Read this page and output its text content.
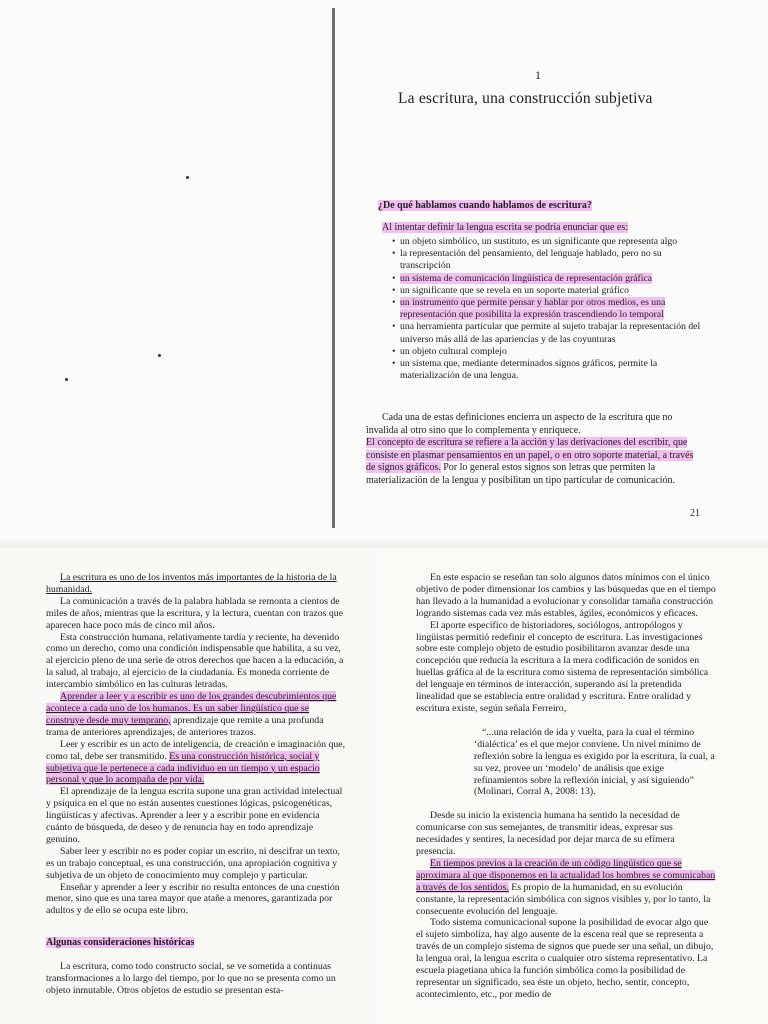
1
La escritura, una construcción subjetiva
¿De qué hablamos cuando hablamos de escritura?
Al intentar definir la lengua escrita se podría enunciar que es:
• un objeto simbólico, un sustituto, es un significante que representa algo
• la representación del pensamiento, del lenguaje hablado, pero no su transcripción
• un sistema de comunicación lingüística de representación gráfica
• un significante que se revela en un soporte material gráfico
• un instrumento que permite pensar y hablar por otros medios, es una representación que posibilita la expresión trascendiendo lo temporal
• una herramienta particular que permite al sujeto trabajar la representación del universo más allá de las apariencias y de las coyunturas
• un objeto cultural complejo
• un sistema que, mediante determinados signos gráficos, permite la materialización de una lengua.

Cada una de estas definiciones encierra un aspecto de la escritura que no invalida al otro sino que lo complementa y enriquece.
El concepto de escritura se refiere a la acción y las derivaciones del escribir, que consiste en plasmar pensamientos en un papel, o en otro soporte material, a través de signos gráficos. Por lo general estos signos son letras que permiten la materialización de la lengua y posibilitan un tipo particular de comunicación.

21

La escritura es uno de los inventos más importantes de la historia de la humanidad.

La comunicación a través de la palabra hablada se remonta a cientos de miles de años, mientras que la escritura, y la lectura, cuentan con trazos que aparecen hace poco más de cinco mil años.

Esta construcción humana, relativamente tardía y reciente, ha devenido como un derecho, como una condición indispensable que habilita, a su vez, al ejercicio pleno de una serie de otros derechos que hacen a la educación, a la salud, al trabajo, al ejercicio de la ciudadanía. Es moneda corriente de intercambio simbólico en las culturas letradas.

Aprender a leer y a escribir es uno de los grandes descubrimientos que acontece a cada uno de los humanos. Es un saber lingüístico que se construye desde muy temprano, aprendizaje que remite a una profunda trama de anteriores aprendizajes, de anteriores trazos.

Leer y escribir es un acto de inteligencia, de creación e imaginación que, como tal, debe ser transmitido. Es una construcción histórica, social y subjetiva que le pertenece a cada individuo en un tiempo y un espacio personal y que lo acompaña de por vida.

El aprendizaje de la lengua escrita supone una gran actividad intelectual y psíquica en el que no están ausentes cuestiones lógicas, psicogenéticas, lingüísticas y afectivas. Aprender a leer y a escribir pone en evidencia cuánto de búsqueda, de deseo y de renuncia hay en todo aprendizaje genuino.

Saber leer y escribir no es poder copiar un escrito, ni descifrar un texto, es un trabajo conceptual, es una construcción, una apropiación cognitiva y subjetiva de un objeto de conocimiento muy complejo y particular.

Enseñar y aprender a leer y escribir no resulta entonces de una cuestión menor, sino que es una tarea mayor que atañe a menores, garantizada por adultos y de ello se ocupa este libro.

Algunas consideraciones históricas

La escritura, como todo constructo social, se ve sometida a continuas transformaciones a lo largo del tiempo, por lo que no se presenta como un objeto inmutable. Otros objetos de estudio se presentan esta-

En este espacio se reseñan tan solo algunos datos mínimos con el único objetivo de poder dimensionar los cambios y las búsquedas que en el tiempo han llevado a la humanidad a evolucionar y consolidar tamaña construcción logrando sistemas cada vez más estables, ágiles, económicos y eficaces.

El aporte específico de historiadores, sociólogos, antropólogos y lingüistas permitió redefinir el concepto de escritura. Las investigaciones sobre este complejo objeto de estudio posibilitaron avanzar desde una concepción que reducía la escritura a la mera codificación de sonidos en huellas gráfica al de la escritura como sistema de representación simbólica del lenguaje en términos de interacción, superando así la pretendida linealidad que se establecía entre oralidad y escritura. Entre oralidad y escritura existe, según señala Ferreiro,

“...una relación de ida y vuelta, para la cual el término ‘dialéctica’ es el que mejor conviene. Un nivel mínimo de reflexión sobre la lengua es exigido por la escritura, la cual, a su vez, provee un ‘modelo’ de análisis que exige refinamientos sobre la reflexión inicial, y así siguiendo” (Molinari, Corral A, 2008: 13).

Desde su inicio la existencia humana ha sentido la necesidad de comunicarse con sus semejantes, de transmitir ideas, expresar sus necesidades y sentires, la necesidad por dejar marca de su efímera presencia.

En tiempos previos a la creación de un código lingüístico que se aproximara al que disponemos en la actualidad los hombres se comunicaban a través de los sentidos. Es propio de la humanidad, en su evolución constante, la representación simbólica con signos visibles y, por lo tanto, la consecuente evolución del lenguaje.

Todo sistema comunicacional supone la posibilidad de evocar algo que el sujeto simboliza, hay algo ausente de la escena real que se representa a través de un complejo sistema de signos que puede ser una señal, un dibujo, la lengua oral, la lengua escrita o cualquier otro sistema representativo. La escuela piagetiana ubica la función simbólica como la posibilidad de representar un significado, sea éste un objeto, hecho, sentir, concepto, acontecimiento, etc., por medio de
